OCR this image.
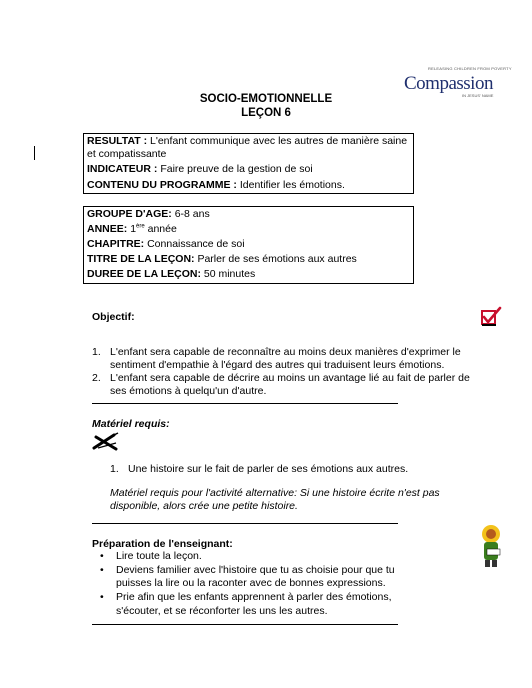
RELEASING CHILDREN FROM POVERTY
Compassion
IN JESUS' NAME
SOCIO-EMOTIONNELLE
LEÇON 6
RESULTAT : L'enfant communique avec les autres de manière saine et compatissante
INDICATEUR : Faire preuve de la gestion de soi
CONTENU DU PROGRAMME : Identifier les émotions.
GROUPE D'AGE: 6-8 ans
ANNEE: 1ère année
CHAPITRE: Connaissance de soi
TITRE DE LA LEÇON: Parler de ses émotions aux autres
DUREE DE LA LEÇON: 50 minutes
Objectif:
1. L'enfant sera capable de reconnaître au moins deux manières d'exprimer le sentiment d'empathie à l'égard des autres qui traduisent leurs émotions.
2. L'enfant sera capable de décrire au moins un avantage lié au fait de parler de ses émotions à quelqu'un d'autre.
Matériel requis:
1. Une histoire sur le fait de parler de ses émotions aux autres.
Matériel requis pour l'activité alternative: Si une histoire écrite n'est pas disponible, alors crée une petite histoire.
Préparation de l'enseignant:
• Lire toute la leçon.
• Deviens familier avec l'histoire que tu as choisie pour que tu puisses la lire ou la raconter avec de bonnes expressions.
• Prie afin que les enfants apprennent à parler des émotions, s'écouter, et se réconforter les uns les autres.
